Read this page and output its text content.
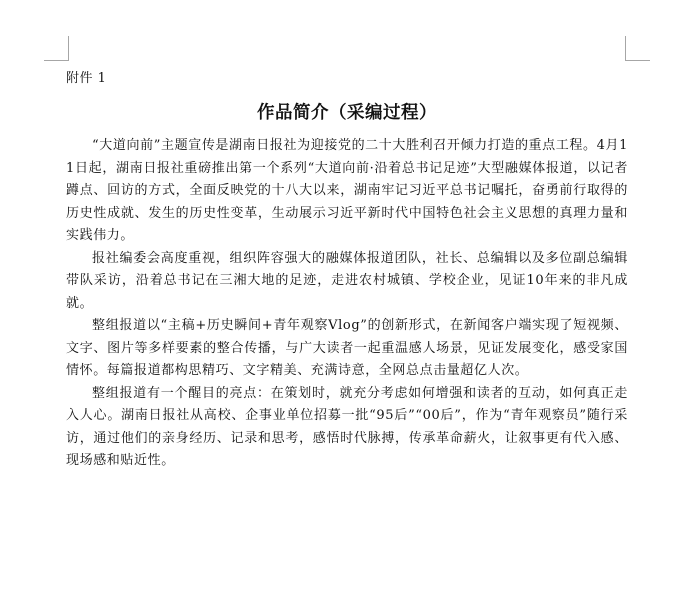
附件 1
作品简介（采编过程）

“大道向前”主题宣传是湖南日报社为迎接党的二十大胜利召开倾力打造的重点工程。4月11日起，湖南日报社重磅推出第一个系列“大道向前·沿着总书记足迹”大型融媒体报道，以记者蹲点、回访的方式，全面反映党的十八大以来，湖南牢记习近平总书记嘱托，奋勇前行取得的历史性成就、发生的历史性变革，生动展示习近平新时代中国特色社会主义思想的真理力量和实践伟力。

报社编委会高度重视，组织阵容强大的融媒体报道团队，社长、总编辑以及多位副总编辑带队采访，沿着总书记在三湘大地的足迹，走进农村城镇、学校企业，见证10年来的非凡成就。

整组报道以“主稿+历史瞬间+青年观察Vlog”的创新形式，在新闻客户端实现了短视频、文字、图片等多样要素的整合传播，与广大读者一起重温感人场景，见证发展变化，感受家国情怀。每篇报道都构思精巧、文字精美、充满诗意，全网总点击量超亿人次。

整组报道有一个醒目的亮点：在策划时，就充分考虑如何增强和读者的互动，如何真正走入人心。湖南日报社从高校、企事业单位招募一批“95后”“00后”，作为“青年观察员”随行采访，通过他们的亲身经历、记录和思考，感悟时代脉搏，传承革命薪火，让叙事更有代入感、现场感和贴近性。
